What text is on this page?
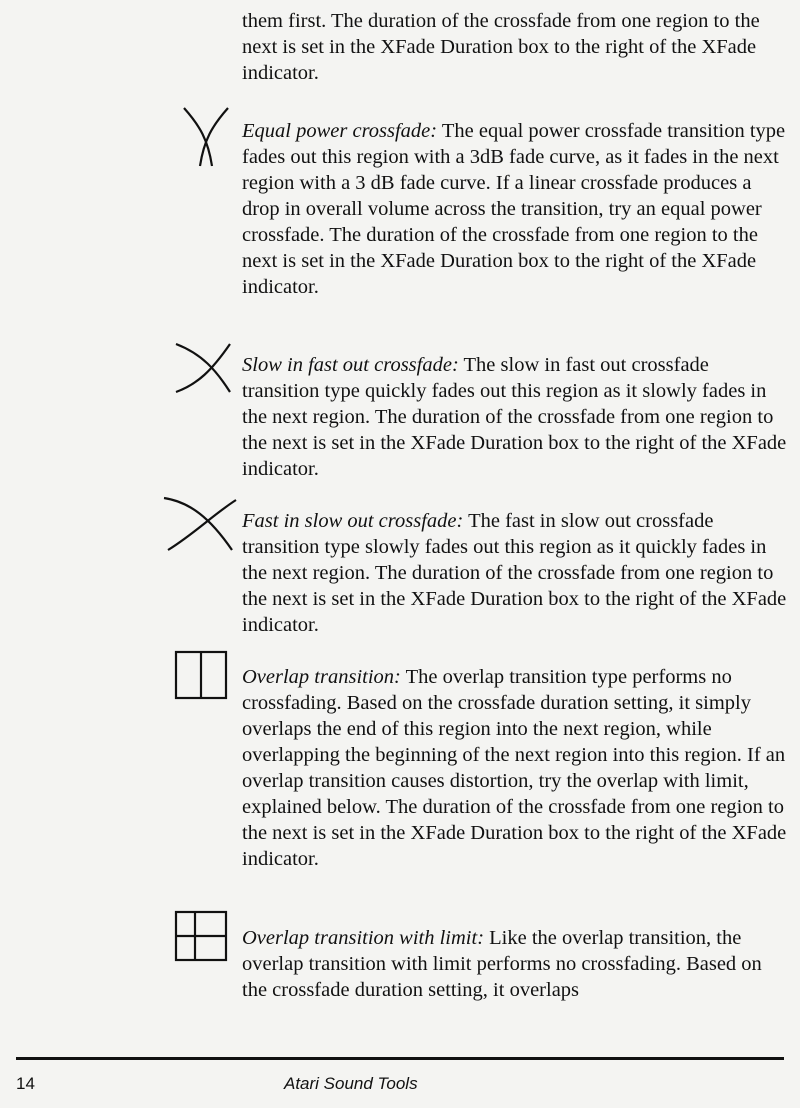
them first. The duration of the crossfade from one region to the next is set in the XFade Duration box to the right of the XFade indicator.

Equal power crossfade: The equal power crossfade transition type fades out this region with a 3dB fade curve, as it fades in the next region with a 3 dB fade curve. If a linear crossfade produces a drop in overall volume across the transition, try an equal power crossfade. The duration of the crossfade from one region to the next is set in the XFade Duration box to the right of the XFade indicator.
Slow in fast out crossfade: The slow in fast out crossfade transition type quickly fades out this region as it slowly fades in the next region. The duration of the crossfade from one region to the next is set in the XFade Duration box to the right of the XFade indicator.
Fast in slow out crossfade: The fast in slow out crossfade transition type slowly fades out this region as it quickly fades in the next region. The duration of the crossfade from one region to the next is set in the XFade Duration box to the right of the XFade indicator.
Overlap transition: The overlap transition type performs no crossfading. Based on the crossfade duration setting, it simply overlaps the end of this region into the next region, while overlapping the beginning of the next region into this region. If an overlap transition causes distortion, try the overlap with limit, explained below. The duration of the crossfade from one region to the next is set in the XFade Duration box to the right of the XFade indicator.
Overlap transition with limit: Like the overlap transition, the overlap transition with limit performs no crossfading. Based on the crossfade duration setting, it overlaps
14	Atari Sound Tools
